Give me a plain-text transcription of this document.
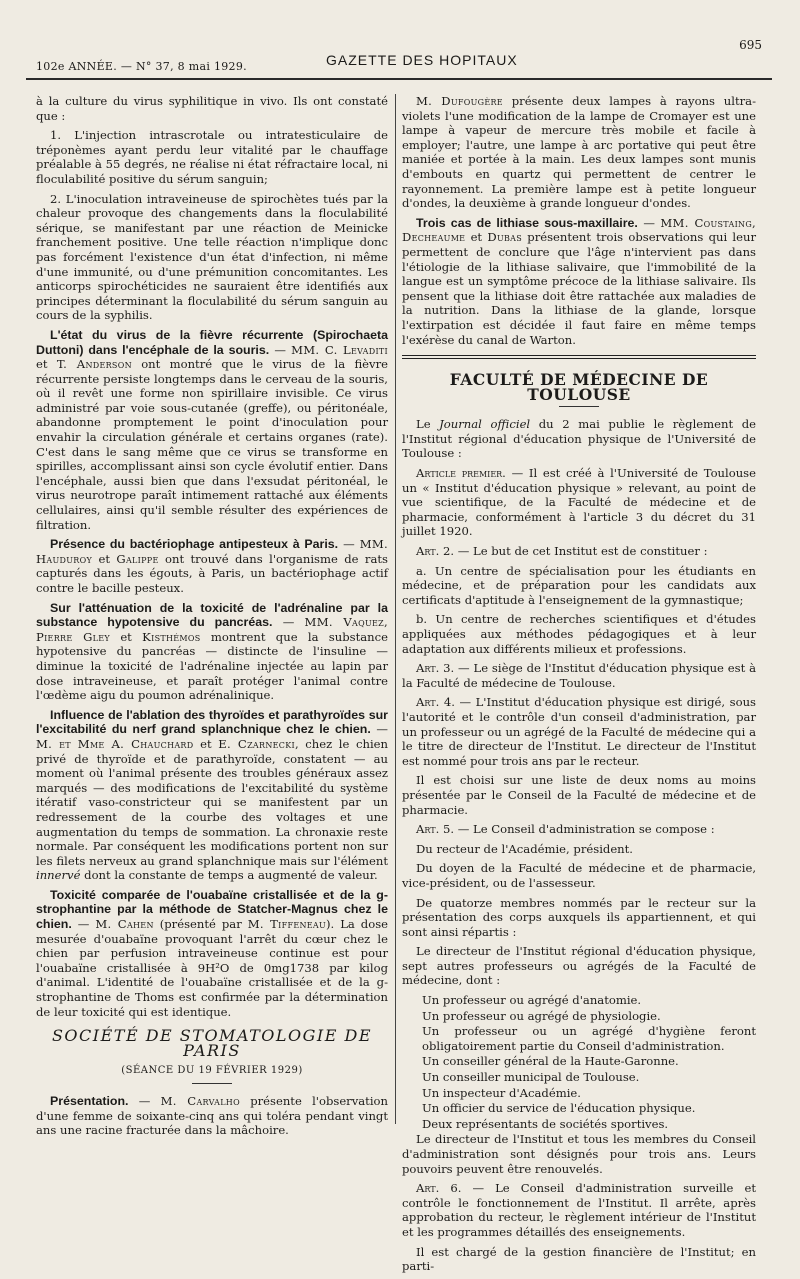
102e ANNÉE. — N° 37, 8 mai 1929.	GAZETTE DES HOPITAUX
695

à la culture du virus syphilitique in vivo. Ils ont constaté que :

1. L'injection intrascrotale ou intratesticulaire de tréponèmes ayant perdu leur vitalité par le chauffage préalable à 55 degrés, ne réalise ni état réfractaire local, ni floculabilité positive du sérum sanguin;

2. L'inoculation intraveineuse de spirochètes tués par la chaleur provoque des changements dans la floculabilité sérique, se manifestant par une réaction de Meinicke franchement positive. Une telle réaction n'implique donc pas forcément l'existence d'un état d'infection, ni même d'une immunité, ou d'une prémunition concomitantes. Les anticorps spirochéticides ne sauraient être identifiés aux principes déterminant la floculabilité du sérum sanguin au cours de la syphilis.

L'état du virus de la fièvre récurrente (Spirochaeta Duttoni) dans l'encéphale de la souris. — MM. C. Levaditi et T. Anderson ont montré que le virus de la fièvre récurrente persiste longtemps dans le cerveau de la souris, où il revêt une forme non spirillaire invisible. Ce virus administré par voie sous-cutanée (greffe), ou péritonéale, abandonne promptement le point d'inoculation pour envahir la circulation générale et certains organes (rate). C'est dans le sang même que ce virus se transforme en spirilles, accomplissant ainsi son cycle évolutif entier. Dans l'encéphale, aussi bien que dans l'exsudat péritonéal, le virus neurotrope paraît intimement rattaché aux éléments cellulaires, ainsi qu'il semble résulter des expériences de filtration.

Présence du bactériophage antipesteux à Paris. — MM. Hauduroy et Galippe ont trouvé dans l'organisme de rats capturés dans les égouts, à Paris, un bactériophage actif contre le bacille pesteux.

Sur l'atténuation de la toxicité de l'adrénaline par la substance hypotensive du pancréas. — MM. Vaquez, Pierre Gley et Kisthémos montrent que la substance hypotensive du pancréas — distincte de l'insuline — diminue la toxicité de l'adrénaline injectée au lapin par dose intraveineuse, et paraît protéger l'animal contre l'œdème aigu du poumon adrénalinique.

Influence de l'ablation des thyroïdes et parathyroïdes sur l'excitabilité du nerf grand splanchnique chez le chien. — M. et Mme A. Chauchard et E. Czarnecki, chez le chien privé de thyroïde et de parathyroïde, constatent — au moment où l'animal présente des troubles généraux assez marqués — des modifications de l'excitabilité du système itératif vaso-constricteur qui se manifestent par un redressement de la courbe des voltages et une augmentation du temps de sommation. La chronaxie reste normale. Par conséquent les modifications portent non sur les filets nerveux au grand splanchnique mais sur l'élément innervé dont la constante de temps a augmenté de valeur.

Toxicité comparée de l'ouabaïne cristallisée et de la g-strophantine par la méthode de Statcher-Magnus chez le chien. — M. Cahen (présenté par M. Tiffeneau). La dose mesurée d'ouabaïne provoquant l'arrêt du cœur chez le chien par perfusion intraveineuse continue est pour l'ouabaïne cristallisée à 9H²O de 0mg1738 par kilog d'animal. L'identité de l'ouabaïne cristallisée et de la g-strophantine de Thoms est confirmée par la détermination de leur toxicité qui est identique.

SOCIÉTÉ DE STOMATOLOGIE DE PARIS
(SÉANCE DU 19 FÉVRIER 1929)

Présentation. — M. Carvalho présente l'observation d'une femme de soixante-cinq ans qui toléra pendant vingt ans une racine fracturée dans la mâchoire.

M. Dufougère présente deux lampes à rayons ultra-violets l'une modification de la lampe de Cromayer est une lampe à vapeur de mercure très mobile et facile à employer; l'autre, une lampe à arc portative qui peut être maniée et portée à la main. Les deux lampes sont munis d'embouts en quartz qui permettent de centrer le rayonnement. La première lampe est à petite longueur d'ondes, la deuxième à grande longueur d'ondes.

Trois cas de lithiase sous-maxillaire. — MM. Coustaing, Decheaume et Dubas présentent trois observations qui leur permettent de conclure que l'âge n'intervient pas dans l'étiologie de la lithiase salivaire, que l'immobilité de la langue est un symptôme précoce de la lithiase salivaire. Ils pensent que la lithiase doit être rattachée aux maladies de la nutrition. Dans la lithiase de la glande, lorsque l'extirpation est décidée il faut faire en même temps l'exérèse du canal de Warton.

FACULTÉ DE MÉDECINE DE TOULOUSE

Le Journal officiel du 2 mai publie le règlement de l'Institut régional d'éducation physique de l'Université de Toulouse :

Article premier. — Il est créé à l'Université de Toulouse un « Institut d'éducation physique » relevant, au point de vue scientifique, de la Faculté de médecine et de pharmacie, conformément à l'article 3 du décret du 31 juillet 1920.

Art. 2. — Le but de cet Institut est de constituer :

a. Un centre de spécialisation pour les étudiants en médecine, et de préparation pour les candidats aux certificats d'aptitude à l'enseignement de la gymnastique;

b. Un centre de recherches scientifiques et d'études appliquées aux méthodes pédagogiques et à leur adaptation aux différents milieux et professions.

Art. 3. — Le siège de l'Institut d'éducation physique est à la Faculté de médecine de Toulouse.

Art. 4. — L'Institut d'éducation physique est dirigé, sous l'autorité et le contrôle d'un conseil d'administration, par un professeur ou un agrégé de la Faculté de médecine qui a le titre de directeur de l'Institut. Le directeur de l'Institut est nommé pour trois ans par le recteur.

Il est choisi sur une liste de deux noms au moins présentée par le Conseil de la Faculté de médecine et de pharmacie.

Art. 5. — Le Conseil d'administration se compose :

Du recteur de l'Académie, président.

Du doyen de la Faculté de médecine et de pharmacie, vice-président, ou de l'assesseur.

De quatorze membres nommés par le recteur sur la présentation des corps auxquels ils appartiennent, et qui sont ainsi répartis :

Le directeur de l'Institut régional d'éducation physique, sept autres professeurs ou agrégés de la Faculté de médecine, dont :

Un professeur ou agrégé d'anatomie.

Un professeur ou agrégé de physiologie.

Un professeur ou un agrégé d'hygiène feront obligatoirement partie du Conseil d'administration.

Un conseiller général de la Haute-Garonne.

Un conseiller municipal de Toulouse.

Un inspecteur d'Académie.

Un officier du service de l'éducation physique.

Deux représentants de sociétés sportives.

Le directeur de l'Institut et tous les membres du Conseil d'administration sont désignés pour trois ans. Leurs pouvoirs peuvent être renouvelés.

Art. 6. — Le Conseil d'administration surveille et contrôle le fonctionnement de l'Institut. Il arrête, après approbation du recteur, le règlement intérieur de l'Institut et les programmes détaillés des enseignements.

Il est chargé de la gestion financière de l'Institut; en parti-
